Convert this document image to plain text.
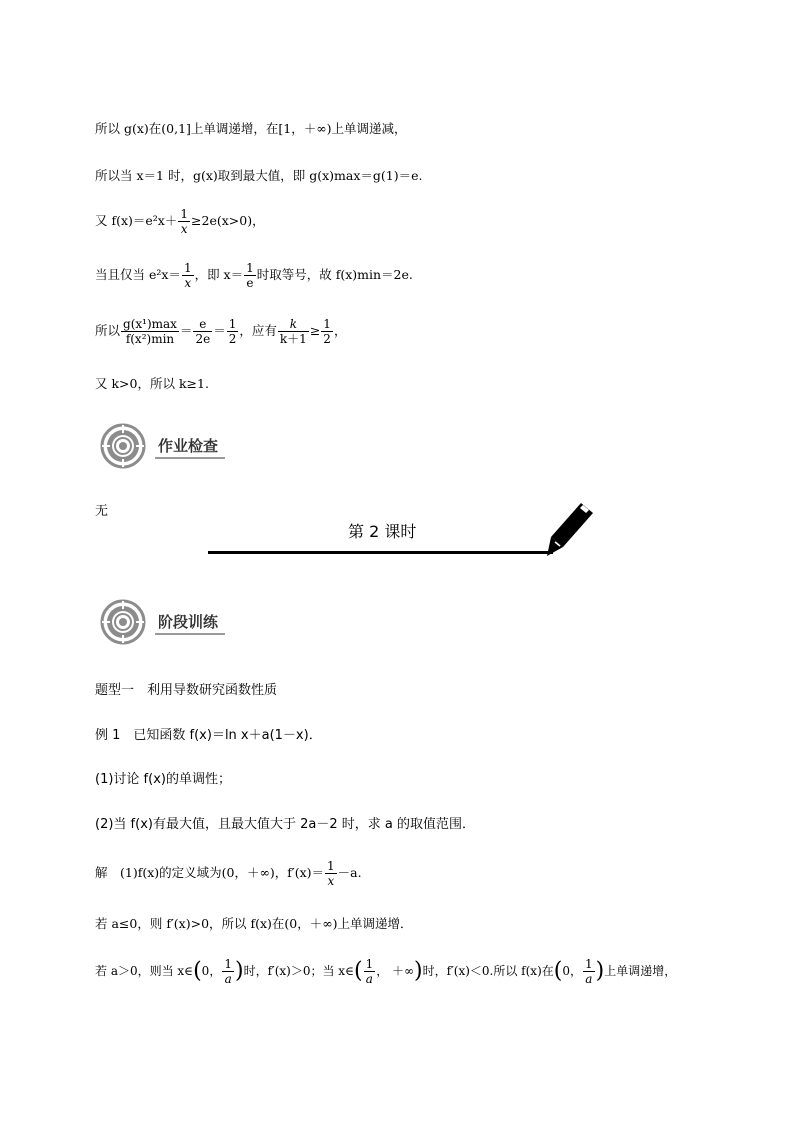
所以 g(x)在(0,1]上单调递增，在[1，＋∞)上单调递减，
所以当 x＝1 时，g(x)取到最大值，即 g(x)max＝g(1)＝e.
又 $f(x)=e^2x+ \frac{1}{x} \ge 2e(x>0)$，
当且仅当 $e^2x= \frac{1}{x}$ ，即 $x= \frac{1}{e}$ 时取等号，故 f(x)min＝2e.
所以 $\frac{\text{g(x¹)max}}{\text{f(x²)min}} = \frac{e}{2e} = \frac{1}{2}$ ，应有 $\frac{k}{k+1} \ge \frac{1}{2}$ ，
又 k>0，所以 k≥1.
作业检查
无
第 2 课时
阶段训练
题型一　利用导数研究函数性质
例 1　已知函数 f(x)＝ln x＋a(1－x)．
(1)讨论 f(x)的单调性；
(2)当 f(x)有最大值，且最大值大于 2a－2 时，求 a 的取值范围．
解　(1)f(x)的定义域为(0，＋∞)，$f'(x)= \frac{1}{x} -a$.
若 a≤0，则 f′(x)>0，所以 f(x)在(0，＋∞)上单调递增．
若 a＞0，则当 x∈(0， $\frac{1}{a}$ )时，f′(x)＞0；当 x∈( $\frac{1}{a}$ ， ＋∞)时，f′(x)＜0.所以 f(x)在(0， $\frac{1}{a}$ )上单调递增，
